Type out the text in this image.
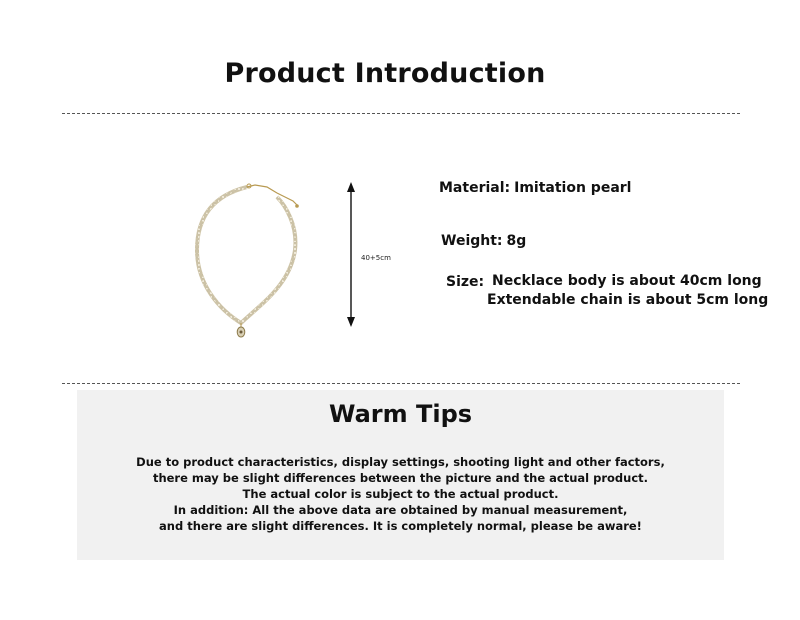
Product Introduction
40+5cm
Material: Imitation pearl
Weight: 8g
Size: Necklace body is about 40cm long
Extendable chain is about 5cm long
Warm Tips
Due to product characteristics, display settings, shooting light and other factors,
there may be slight differences between the picture and the actual product.
The actual color is subject to the actual product.
In addition: All the above data are obtained by manual measurement,
and there are slight differences. It is completely normal, please be aware!
